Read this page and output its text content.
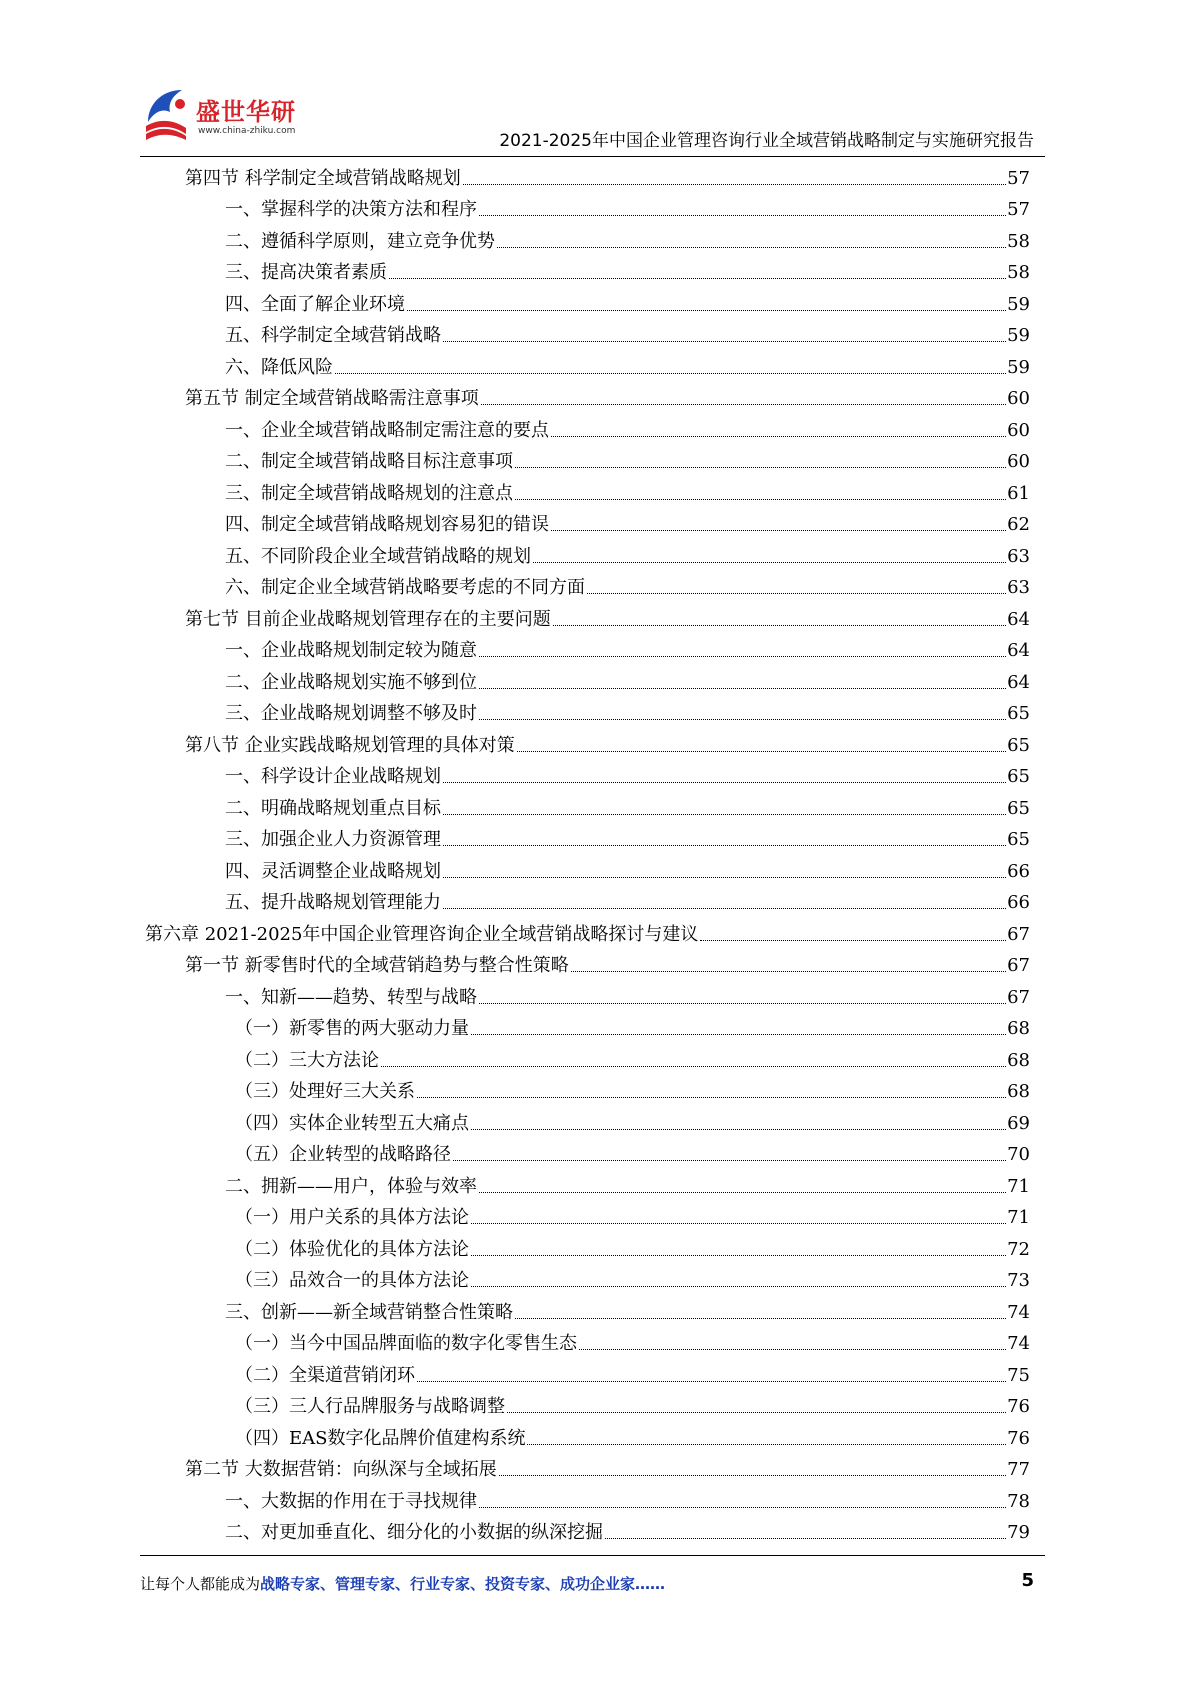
盛世华研
www.china-zhiku.com	2021-2025年中国企业管理咨询行业全域营销战略制定与实施研究报告
第四节 科学制定全域营销战略规划	57
一、掌握科学的决策方法和程序	57
二、遵循科学原则，建立竞争优势	58
三、提高决策者素质	58
四、全面了解企业环境	59
五、科学制定全域营销战略	59
六、降低风险	59
第五节 制定全域营销战略需注意事项	60
一、企业全域营销战略制定需注意的要点	60
二、制定全域营销战略目标注意事项	60
三、制定全域营销战略规划的注意点	61
四、制定全域营销战略规划容易犯的错误	62
五、不同阶段企业全域营销战略的规划	63
六、制定企业全域营销战略要考虑的不同方面	63
第七节 目前企业战略规划管理存在的主要问题	64
一、企业战略规划制定较为随意	64
二、企业战略规划实施不够到位	64
三、企业战略规划调整不够及时	65
第八节 企业实践战略规划管理的具体对策	65
一、科学设计企业战略规划	65
二、明确战略规划重点目标	65
三、加强企业人力资源管理	65
四、灵活调整企业战略规划	66
五、提升战略规划管理能力	66
第六章 2021-2025年中国企业管理咨询企业全域营销战略探讨与建议	67
第一节 新零售时代的全域营销趋势与整合性策略	67
一、知新——趋势、转型与战略	67
（一）新零售的两大驱动力量	68
（二）三大方法论	68
（三）处理好三大关系	68
（四）实体企业转型五大痛点	69
（五）企业转型的战略路径	70
二、拥新——用户，体验与效率	71
（一）用户关系的具体方法论	71
（二）体验优化的具体方法论	72
（三）品效合一的具体方法论	73
三、创新——新全域营销整合性策略	74
（一）当今中国品牌面临的数字化零售生态	74
（二）全渠道营销闭环	75
（三）三人行品牌服务与战略调整	76
（四）EAS数字化品牌价值建构系统	76
第二节 大数据营销：向纵深与全域拓展	77
一、大数据的作用在于寻找规律	78
二、对更加垂直化、细分化的小数据的纵深挖掘	79
让每个人都能成为战略专家、管理专家、行业专家、投资专家、成功企业家……	5
